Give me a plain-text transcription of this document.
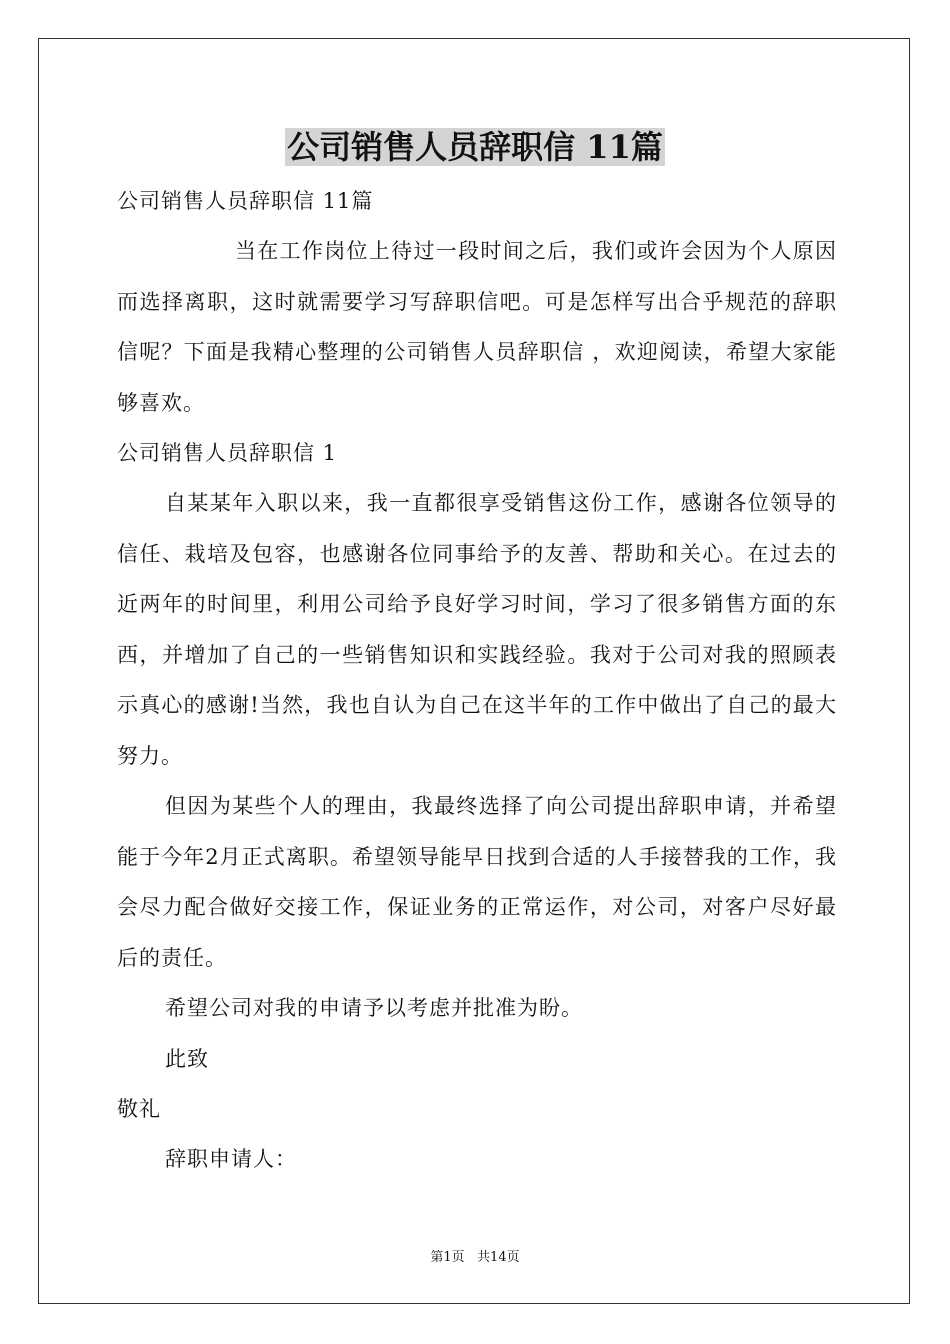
公司销售人员辞职信 11篇

公司销售人员辞职信 11篇

当在工作岗位上待过一段时间之后，我们或许会因为个人原因而选择离职，这时就需要学习写辞职信吧。可是怎样写出合乎规范的辞职信呢？下面是我精心整理的公司销售人员辞职信 ，欢迎阅读，希望大家能够喜欢。

公司销售人员辞职信 1

自某某年入职以来，我一直都很享受销售这份工作，感谢各位领导的信任、栽培及包容，也感谢各位同事给予的友善、帮助和关心。在过去的近两年的时间里，利用公司给予良好学习时间，学习了很多销售方面的东西，并增加了自己的一些销售知识和实践经验。我对于公司对我的照顾表示真心的感谢!当然，我也自认为自己在这半年的工作中做出了自己的最大努力。

但因为某些个人的理由，我最终选择了向公司提出辞职申请，并希望能于今年2月正式离职。希望领导能早日找到合适的人手接替我的工作，我会尽力配合做好交接工作，保证业务的正常运作，对公司，对客户尽好最后的责任。

希望公司对我的申请予以考虑并批准为盼。

此致

敬礼

辞职申请人：

第1页   共14页
